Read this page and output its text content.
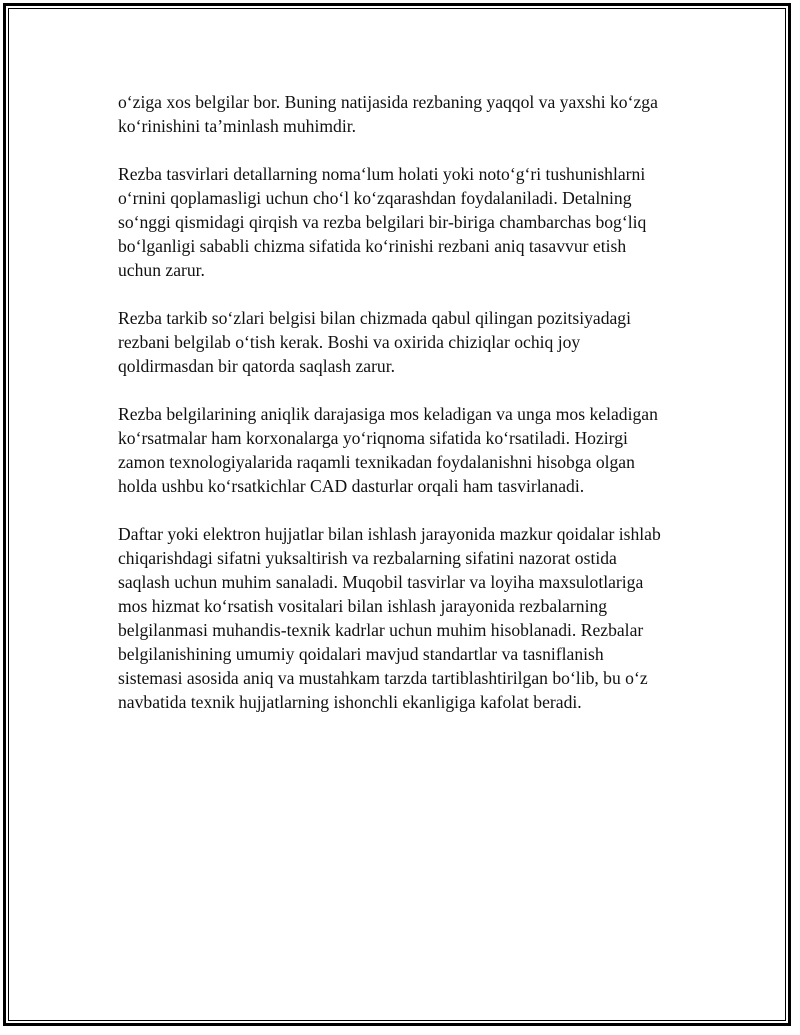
o‘ziga xos belgilar bor. Buning natijasida rezbaning yaqqol va yaxshi ko‘zga
ko‘rinishini ta’minlash muhimdir.

Rezba tasvirlari detallarning noma‘lum holati yoki noto‘g‘ri tushunishlarni
o‘rnini qoplamasligi uchun cho‘l ko‘zqarashdan foydalaniladi. Detalning
so‘nggi qismidagi qirqish va rezba belgilari bir-biriga chambarchas bog‘liq
bo‘lganligi sababli chizma sifatida ko‘rinishi rezbani aniq tasavvur etish
uchun zarur.

Rezba tarkib so‘zlari belgisi bilan chizmada qabul qilingan pozitsiyadagi
rezbani belgilab o‘tish kerak. Boshi va oxirida chiziqlar ochiq joy
qoldirmasdan bir qatorda saqlash zarur.

Rezba belgilarining aniqlik darajasiga mos keladigan va unga mos keladigan
ko‘rsatmalar ham korxonalarga yo‘riqnoma sifatida ko‘rsatiladi. Hozirgi
zamon texnologiyalarida raqamli texnikadan foydalanishni hisobga olgan
holda ushbu ko‘rsatkichlar CAD dasturlar orqali ham tasvirlanadi.

Daftar yoki elektron hujjatlar bilan ishlash jarayonida mazkur qoidalar ishlab
chiqarishdagi sifatni yuksaltirish va rezbalarning sifatini nazorat ostida
saqlash uchun muhim sanaladi. Muqobil tasvirlar va loyiha maxsulotlariga
mos hizmat ko‘rsatish vositalari bilan ishlash jarayonida rezbalarning
belgilanmasi muhandis-texnik kadrlar uchun muhim hisoblanadi. Rezbalar
belgilanishining umumiy qoidalari mavjud standartlar va tasniflanish
sistemasi asosida aniq va mustahkam tarzda tartiblashtirilgan bo‘lib, bu o‘z
navbatida texnik hujjatlarning ishonchli ekanligiga kafolat beradi.
